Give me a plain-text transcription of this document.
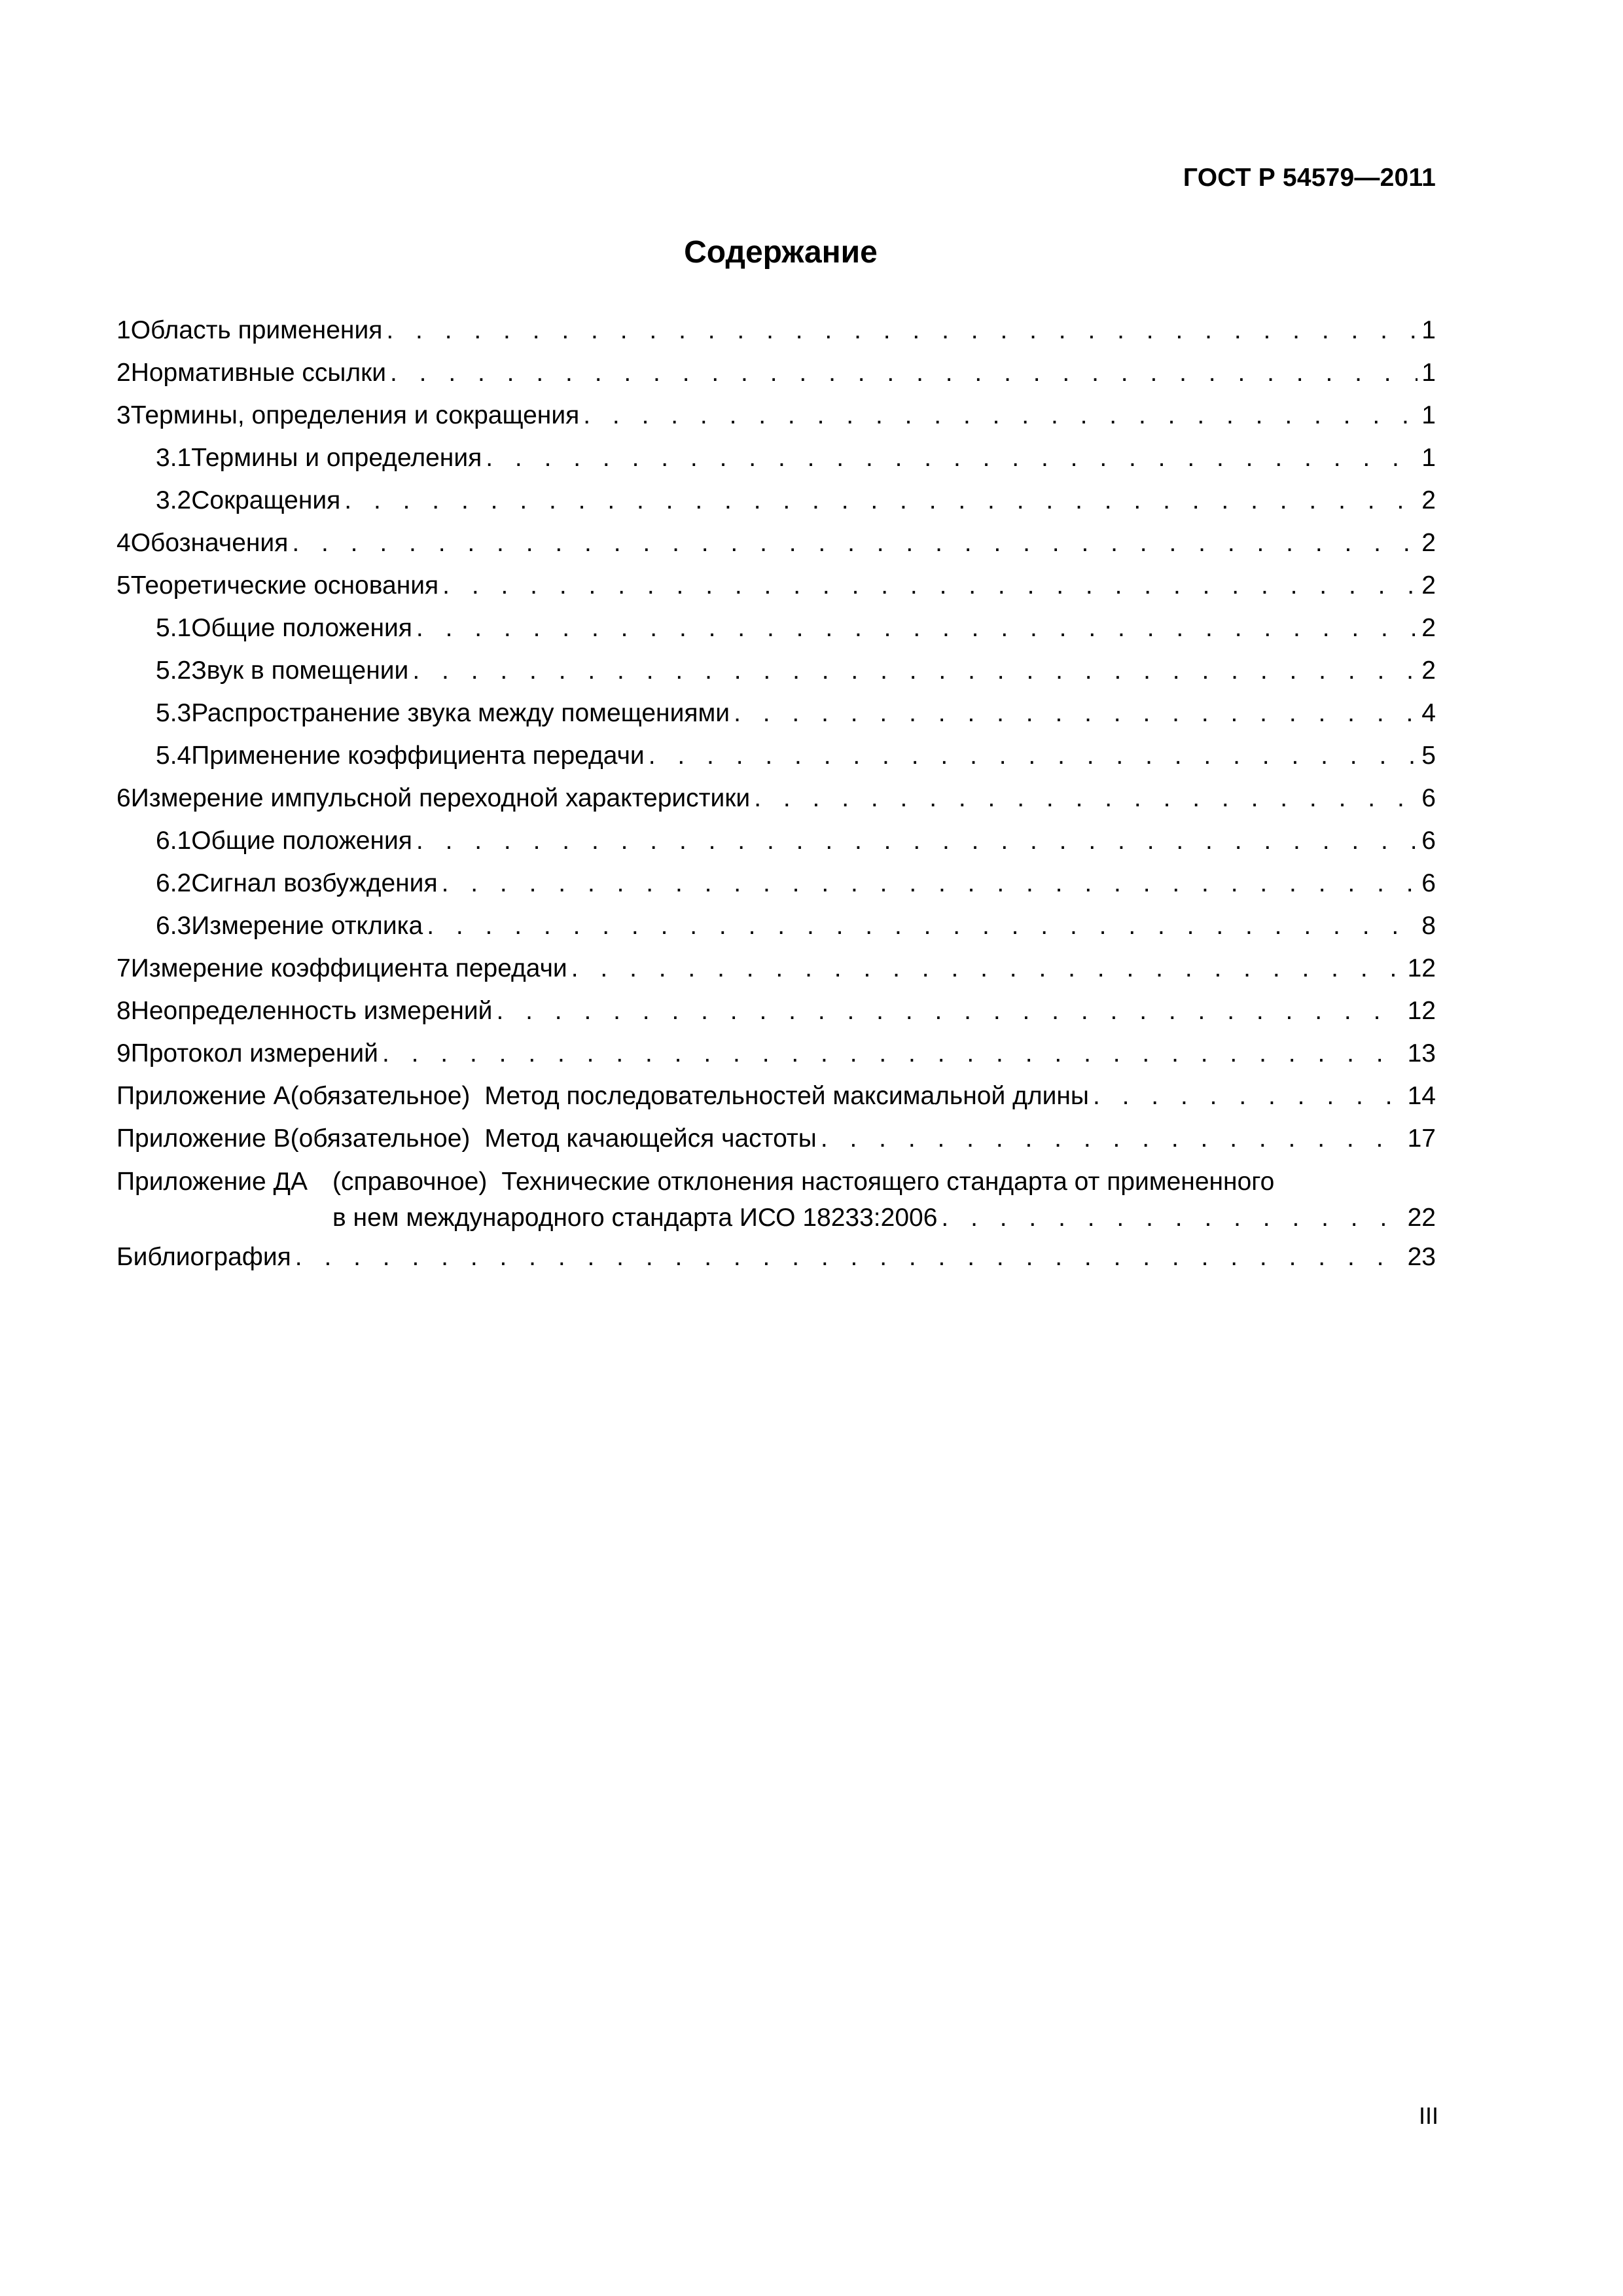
ГОСТ Р 54579—2011
Содержание
1 Область применения . . .	1
2 Нормативные ссылки . . .	1
3 Термины, определения и сокращения . . .	1
3.1 Термины и определения . . .	1
3.2 Сокращения . . .	2
4 Обозначения . . .	2
5 Теоретические основания . . .	2
5.1 Общие положения . . .	2
5.2 Звук в помещении . . .	2
5.3 Распространение звука между помещениями . . .	4
5.4 Применение коэффициента передачи . . .	5
6 Измерение импульсной переходной характеристики . . .	6
6.1 Общие положения . . .	6
6.2 Сигнал возбуждения . . .	6
6.3 Измерение отклика . . .	8
7 Измерение коэффициента передачи . . .	12
8 Неопределенность измерений . . .	12
9 Протокол измерений . . .	13
Приложение А (обязательное) Метод последовательностей максимальной длины . . .	14
Приложение В (обязательное) Метод качающейся частоты . . .	17
Приложение ДА (справочное) Технические отклонения настоящего стандарта от примененного
в нем международного стандарта ИСО 18233:2006 . . .	22
Библиография . . .	23
III
